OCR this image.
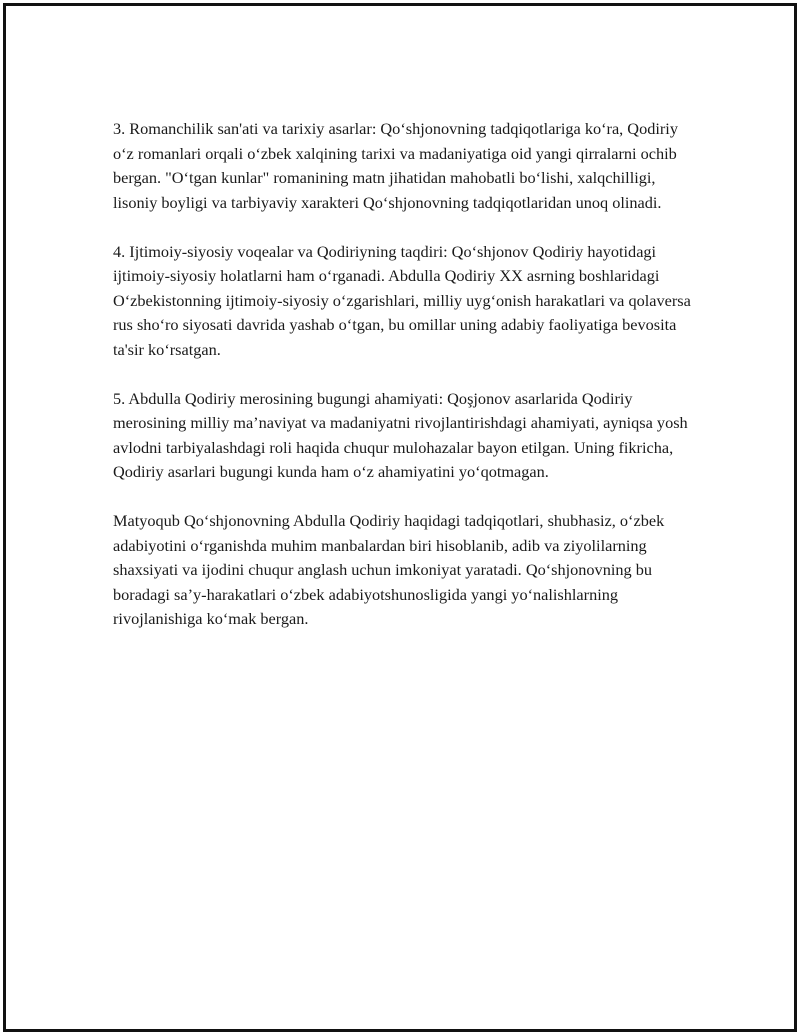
3. Romanchilik san'ati va tarixiy asarlar: Qo‘shjonovning tadqiqotlariga ko‘ra, Qodiriy o‘z romanlari orqali o‘zbek xalqining tarixi va madaniyatiga oid yangi qirralarni ochib bergan. "O‘tgan kunlar" romanining matn jihatidan mahobatli bo‘lishi, xalqchilligi, lisoniy boyligi va tarbiyaviy xarakteri Qo‘shjonovning tadqiqotlaridan unoq olinadi.

4. Ijtimoiy-siyosiy voqealar va Qodiriyning taqdiri: Qo‘shjonov Qodiriy hayotidagi ijtimoiy-siyosiy holatlarni ham o‘rganadi. Abdulla Qodiriy XX asrning boshlaridagi O‘zbekistonning ijtimoiy-siyosiy o‘zgarishlari, milliy uyg‘onish harakatlari va qolaversa rus sho‘ro siyosati davrida yashab o‘tgan, bu omillar uning adabiy faoliyatiga bevosita ta'sir ko‘rsatgan.

5. Abdulla Qodiriy merosining bugungi ahamiyati: Qoşjonov asarlarida Qodiriy merosining milliy ma’naviyat va madaniyatni rivojlantirishdagi ahamiyati, ayniqsa yosh avlodni tarbiyalashdagi roli haqida chuqur mulohazalar bayon etilgan. Uning fikricha, Qodiriy asarlari bugungi kunda ham o‘z ahamiyatini yo‘qotmagan.

Matyoqub Qo‘shjonovning Abdulla Qodiriy haqidagi tadqiqotlari, shubhasiz, o‘zbek adabiyotini o‘rganishda muhim manbalardan biri hisoblanib, adib va ziyolilarning shaxsiyati va ijodini chuqur anglash uchun imkoniyat yaratadi. Qo‘shjonovning bu boradagi sa’y-harakatlari o‘zbek adabiyotshunosligida yangi yo‘nalishlarning rivojlanishiga ko‘mak bergan.
